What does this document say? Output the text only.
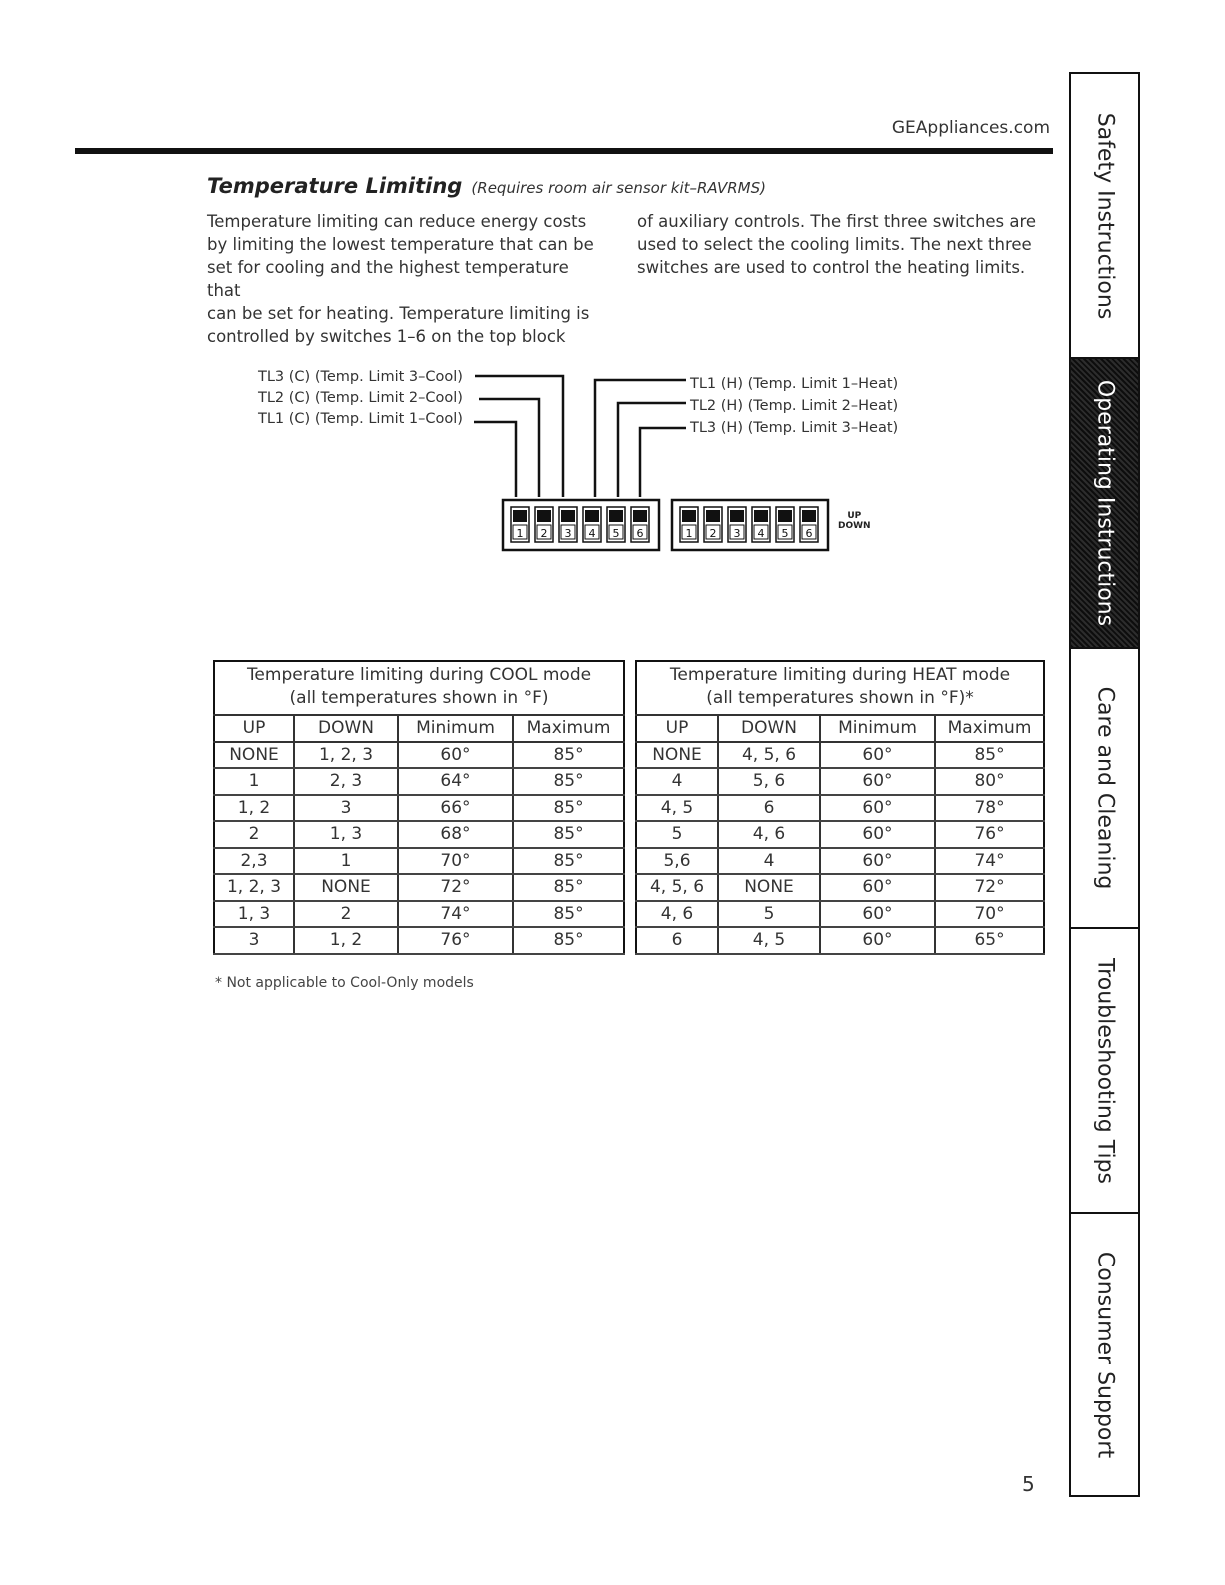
GEAppliances.com
Temperature Limiting (Requires room air sensor kit–RAVRMS)
Temperature limiting can reduce energy costs
by limiting the lowest temperature that can be
set for cooling and the highest temperature that
can be set for heating. Temperature limiting is
controlled by switches 1–6 on the top block
of auxiliary controls. The first three switches are
used to select the cooling limits. The next three
switches are used to control the heating limits.
TL3 (C) (Temp. Limit 3–Cool)
TL2 (C) (Temp. Limit 2–Cool)
TL1 (C) (Temp. Limit 1–Cool)
TL1 (H) (Temp. Limit 1–Heat)
TL2 (H) (Temp. Limit 2–Heat)
TL3 (H) (Temp. Limit 3–Heat)
1 2 3 4 5 6	1 2 3 4 5 6
UP
DOWN
Temperature limiting during COOL mode
(all temperatures shown in °F)			

UP	DOWN	Minimum	Maximum
NONE	1, 2, 3	60°	85°
1	2, 3	64°	85°
1, 2	3	66°	85°
2	1, 3	68°	85°
2,3	1	70°	85°
1, 2, 3	NONE	72°	85°
1, 3	2	74°	85°
3	1, 2	76°	85°
Temperature limiting during HEAT mode
(all temperatures shown in °F)*			

UP	DOWN	Minimum	Maximum
NONE	4, 5, 6	60°	85°
4	5, 6	60°	80°
4, 5	6	60°	78°
5	4, 6	60°	76°
5,6	4	60°	74°
4, 5, 6	NONE	60°	72°
4, 6	5	60°	70°
6	4, 5	60°	65°
* Not applicable to Cool-Only models
5
Safety Instructions
Operating Instructions
Care and Cleaning
Troubleshooting Tips
Consumer Support
